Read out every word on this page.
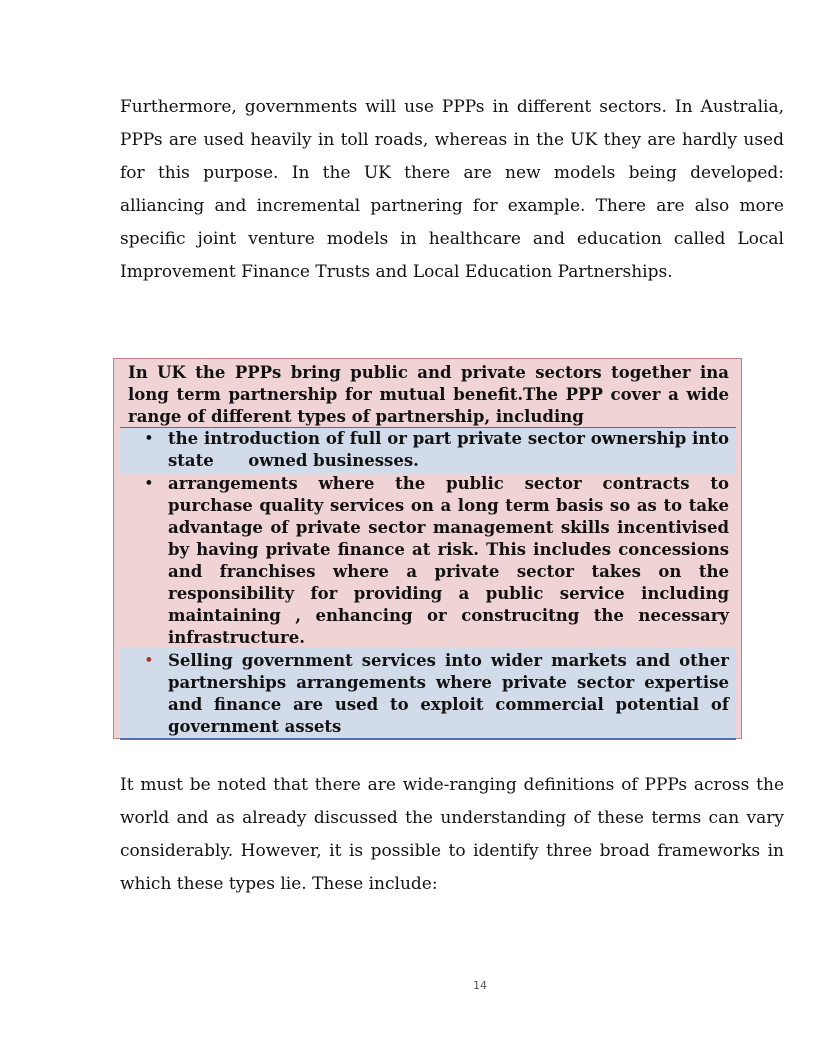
Furthermore, governments will use PPPs in different sectors. In Australia, PPPs are used heavily in toll roads, whereas in the UK they are hardly used for this purpose. In the UK there are new models being developed: alliancing and incremental partnering for example. There are also more specific joint venture models in healthcare and education called Local Improvement Finance Trusts and Local Education Partnerships.

In UK the PPPs bring public and private sectors together ina long term partnership for mutual benefit.The PPP cover a wide range of different types of partnership, including

• the introduction of full or part private sector ownership into state      owned businesses.
• arrangements where the public sector contracts to purchase quality services on a long term basis so as to take advantage of private sector management skills incentivised by having private finance at risk. This includes concessions and franchises where a private sector takes on the responsibility for providing a public service including maintaining , enhancing or construcitng the necessary infrastructure.
• Selling government services into wider markets and other partnerships arrangements where private sector expertise and finance are used to exploit commercial potential of government assets

It must be noted that there are wide-ranging definitions of PPPs across the world and as already discussed the understanding of these terms can vary considerably. However, it is possible to identify three broad frameworks in which these types lie. These include:

14
